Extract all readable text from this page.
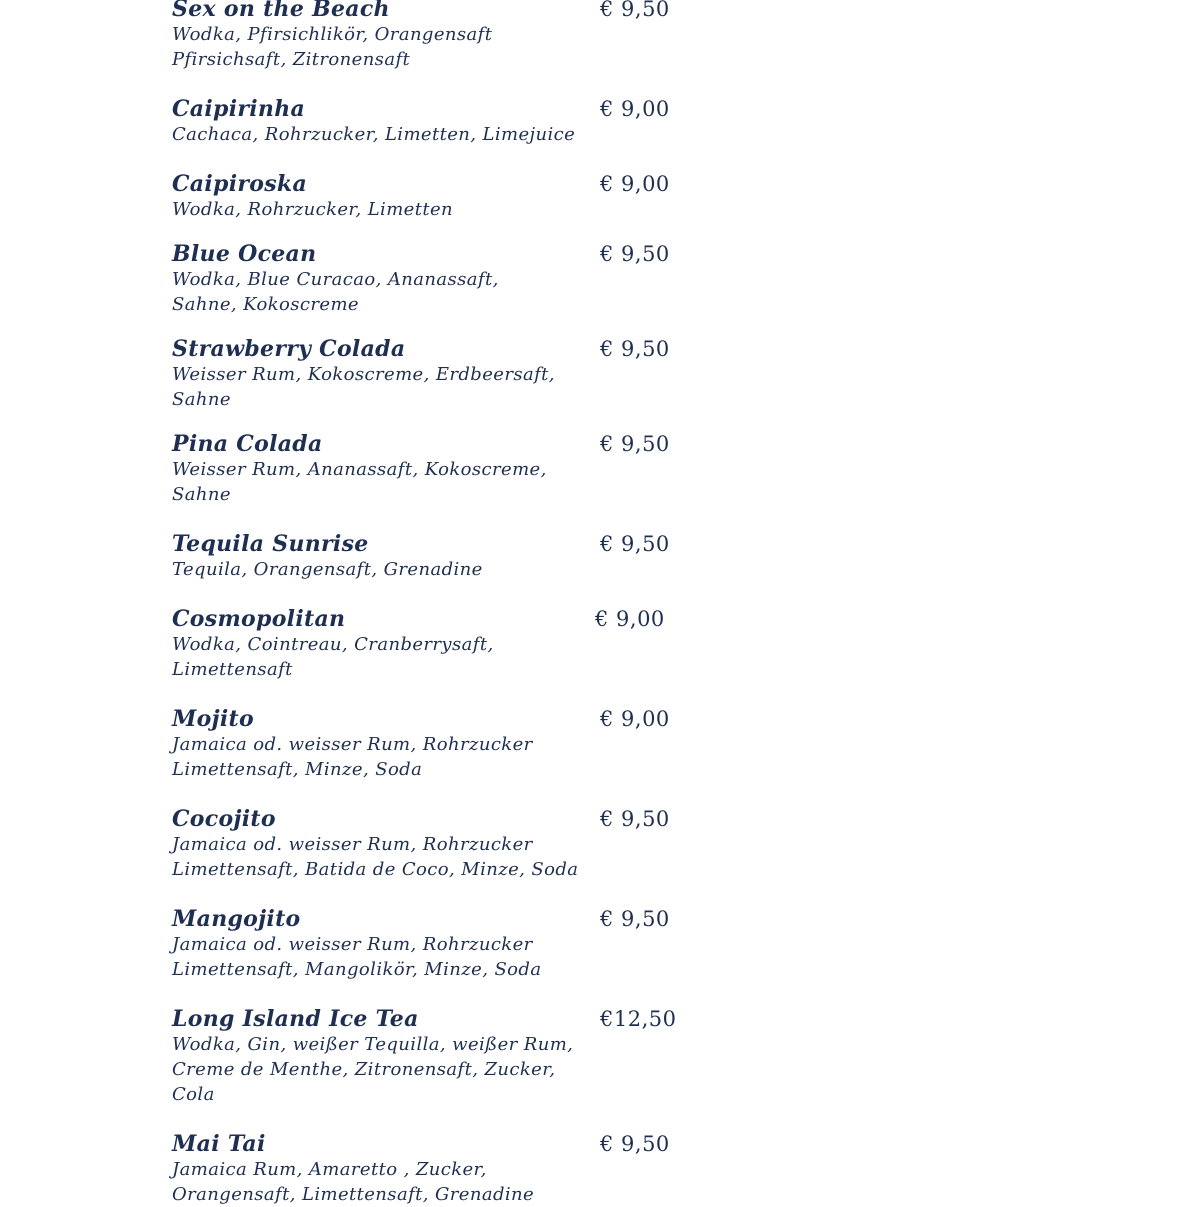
Sex on the Beach	€ 9,50
Wodka, Pfirsichlikör, Orangensaft
Pfirsichsaft, Zitronensaft
Caipirinha	€ 9,00
Cachaca, Rohrzucker, Limetten, Limejuice
Caipiroska	€ 9,00
Wodka, Rohrzucker, Limetten
Blue Ocean	€ 9,50
Wodka, Blue Curacao, Ananassaft,
Sahne, Kokoscreme
Strawberry Colada	€ 9,50
Weisser Rum, Kokoscreme, Erdbeersaft,
Sahne
Pina Colada	€ 9,50
Weisser Rum, Ananassaft, Kokoscreme,
Sahne
Tequila Sunrise	€ 9,50
Tequila, Orangensaft, Grenadine
Cosmopolitan	€ 9,00
Wodka, Cointreau, Cranberrysaft,
Limettensaft
Mojito	€ 9,00
Jamaica od. weisser Rum, Rohrzucker
Limettensaft, Minze, Soda
Cocojito	€ 9,50
Jamaica od. weisser Rum, Rohrzucker
Limettensaft, Batida de Coco, Minze, Soda
Mangojito	€ 9,50
Jamaica od. weisser Rum, Rohrzucker
Limettensaft, Mangolikör, Minze, Soda
Long Island Ice Tea	€12,50
Wodka, Gin, weißer Tequilla, weißer Rum,
Creme de Menthe, Zitronensaft, Zucker,
Cola
Mai Tai	€ 9,50
Jamaica Rum, Amaretto , Zucker,
Orangensaft, Limettensaft, Grenadine
